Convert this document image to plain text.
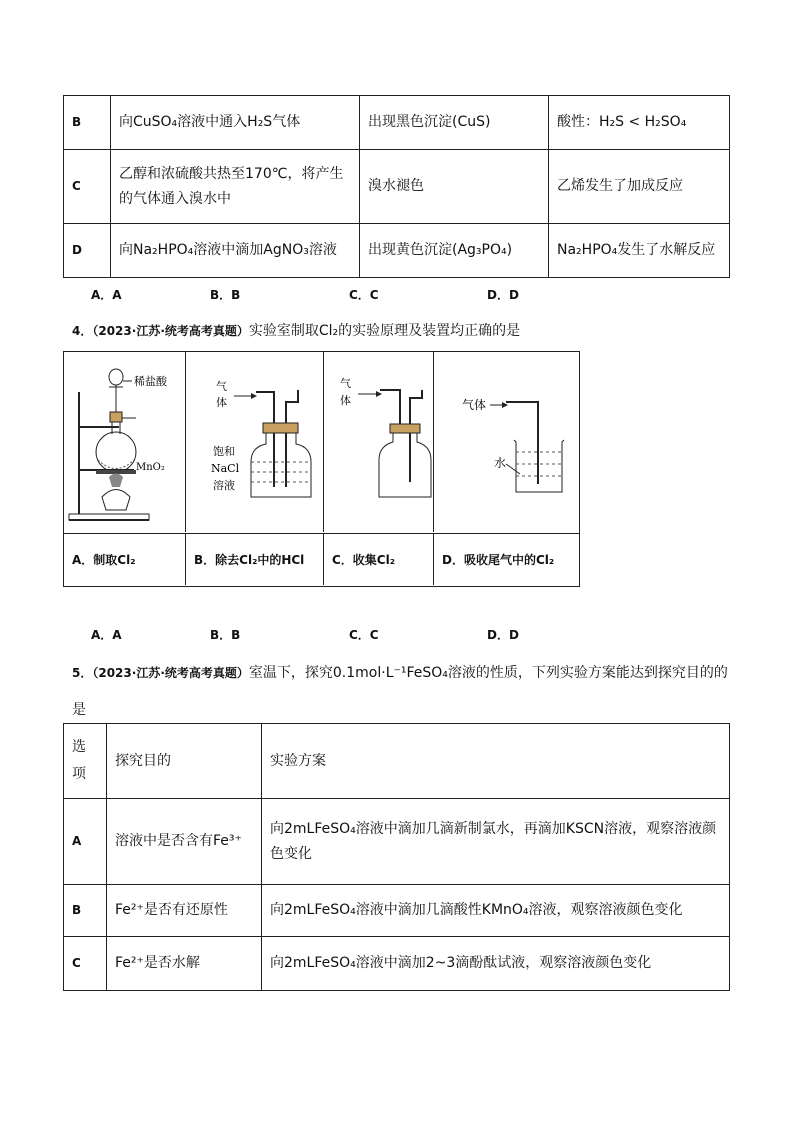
B	向CuSO₄溶液中通入H₂S气体	出现黑色沉淀(CuS)	酸性：H₂S < H₂SO₄
C	乙醇和浓硫酸共热至170℃，将产生的气体通入溴水中	溴水褪色	乙烯发生了加成反应
D	向Na₂HPO₄溶液中滴加AgNO₃溶液	出现黄色沉淀(Ag₃PO₄)	Na₂HPO₄发生了水解反应
A．A	B．B	C．C	D．D
4．（2023·江苏·统考高考真题）实验室制取Cl₂的实验原理及装置均正确的是
稀盐酸
MnO₂
气
体
饱和
NaCl
溶液
气
体	气体
水
A．制取Cl₂	B．除去Cl₂中的HCl	C．收集Cl₂	D．吸收尾气中的Cl₂
A．A	B．B	C．C	D．D
5．（2023·江苏·统考高考真题）室温下，探究0.1mol·L⁻¹FeSO₄溶液的性质，下列实验方案能达到探究目的的
是
选项	探究目的	实验方案
A	溶液中是否含有Fe³⁺	向2mLFeSO₄溶液中滴加几滴新制氯水，再滴加KSCN溶液，观察溶液颜色变化
B	Fe²⁺是否有还原性	向2mLFeSO₄溶液中滴加几滴酸性KMnO₄溶液，观察溶液颜色变化
C	Fe²⁺是否水解	向2mLFeSO₄溶液中滴加2~3滴酚酞试液，观察溶液颜色变化
